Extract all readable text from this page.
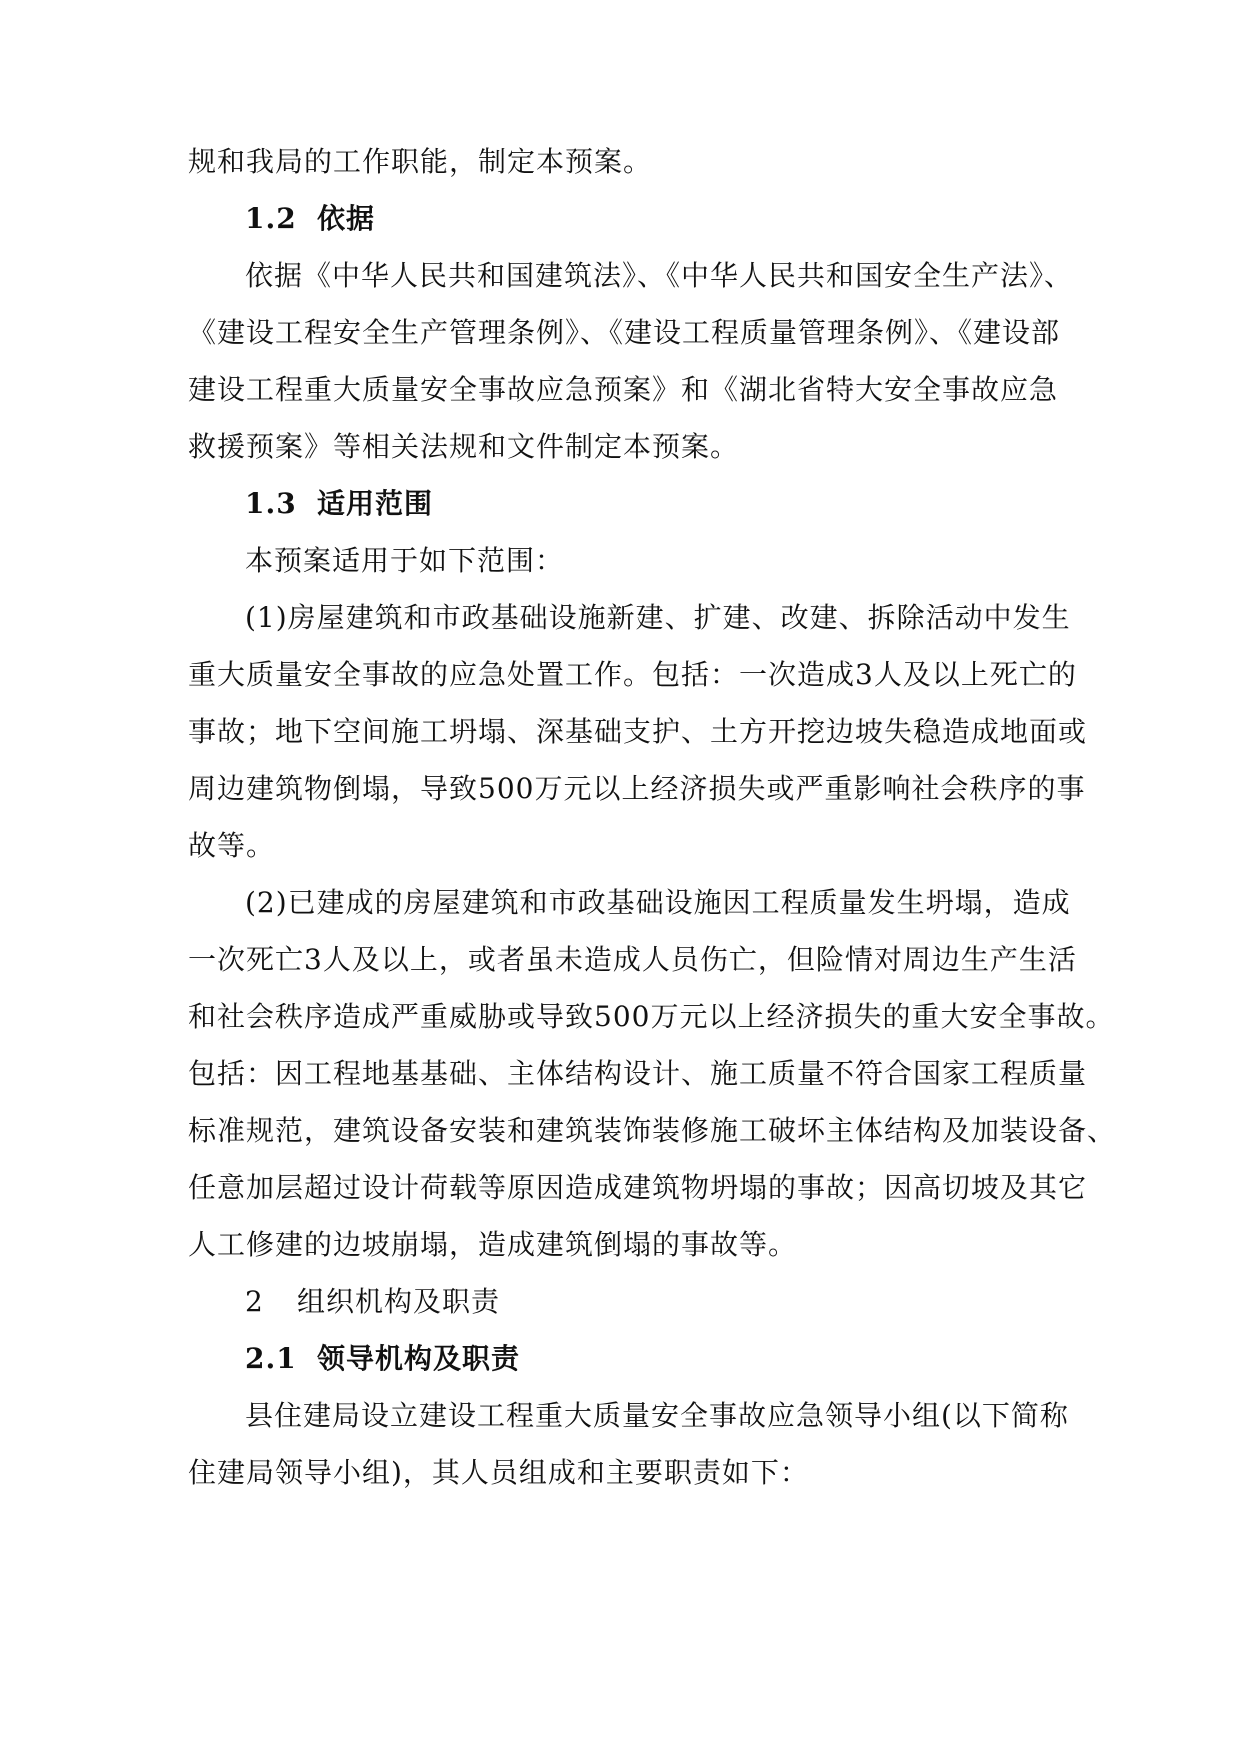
规和我局的工作职能，制定本预案。
1.2 依据
依据《中华人民共和国建筑法》、《中华人民共和国安全生产法》、
《建设工程安全生产管理条例》、《建设工程质量管理条例》、《建设部
建设工程重大质量安全事故应急预案》和《湖北省特大安全事故应急
救援预案》等相关法规和文件制定本预案。
1.3 适用范围
本预案适用于如下范围：
(1)房屋建筑和市政基础设施新建、扩建、改建、拆除活动中发生
重大质量安全事故的应急处置工作。包括：一次造成3人及以上死亡的
事故；地下空间施工坍塌、深基础支护、土方开挖边坡失稳造成地面或
周边建筑物倒塌，导致500万元以上经济损失或严重影响社会秩序的事
故等。
(2)已建成的房屋建筑和市政基础设施因工程质量发生坍塌，造成
一次死亡3人及以上，或者虽未造成人员伤亡，但险情对周边生产生活
和社会秩序造成严重威胁或导致500万元以上经济损失的重大安全事故。
包括：因工程地基基础、主体结构设计、施工质量不符合国家工程质量
标准规范，建筑设备安装和建筑装饰装修施工破坏主体结构及加装设备、
任意加层超过设计荷载等原因造成建筑物坍塌的事故；因高切坡及其它
人工修建的边坡崩塌，造成建筑倒塌的事故等。
2 组织机构及职责
2.1 领导机构及职责
县住建局设立建设工程重大质量安全事故应急领导小组(以下简称
住建局领导小组)，其人员组成和主要职责如下：
